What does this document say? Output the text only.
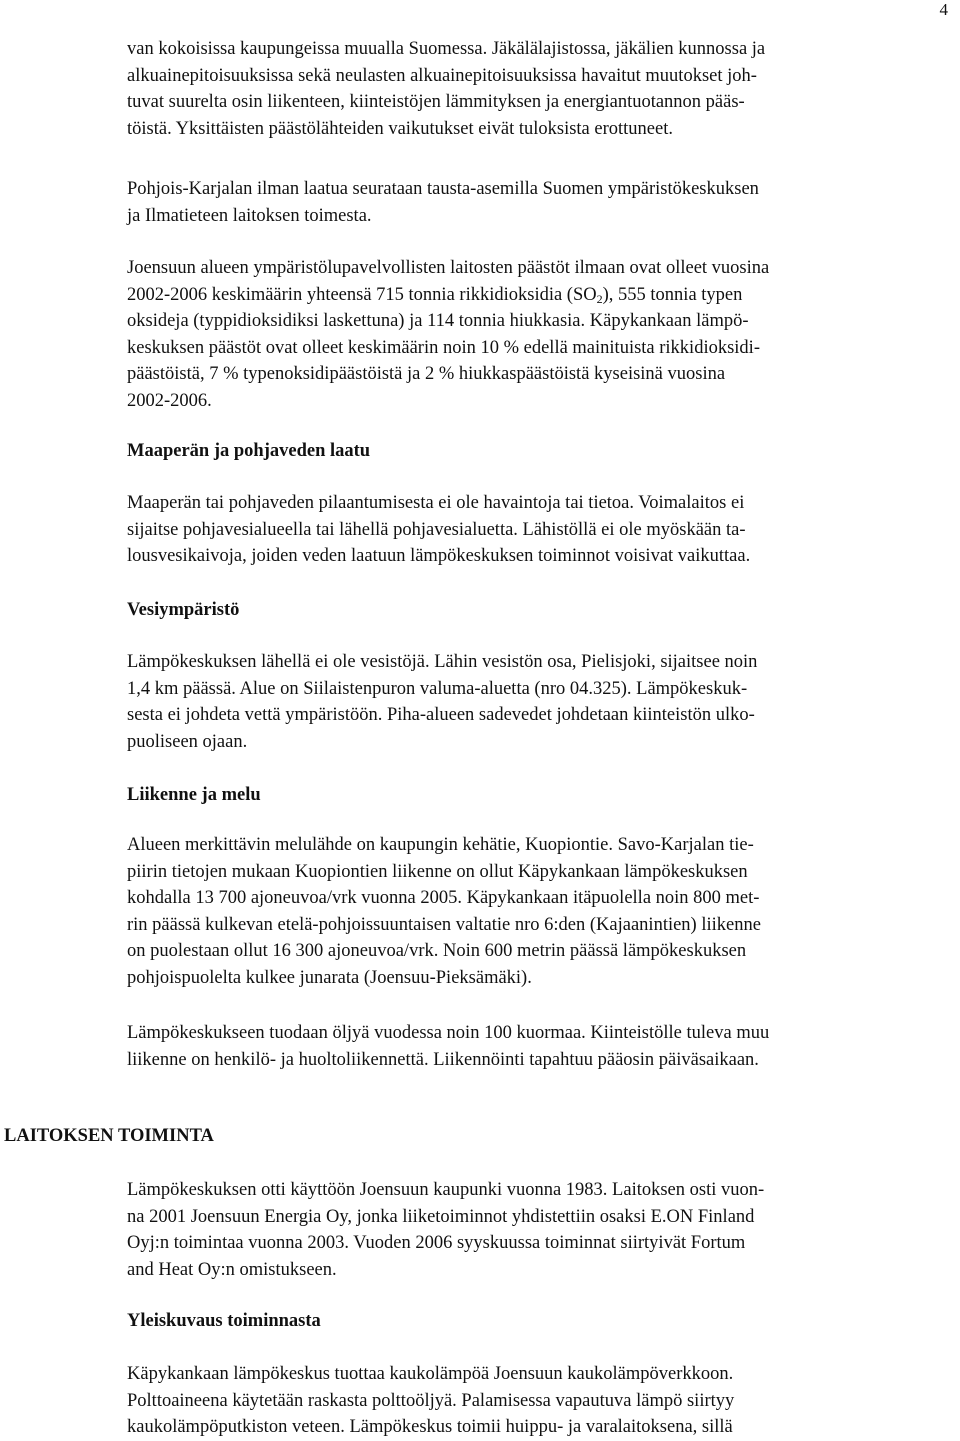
4

van kokoisissa kaupungeissa muualla Suomessa. Jäkälälajistossa, jäkälien kunnossa ja
alkuainepitoisuuksissa sekä neulasten alkuainepitoisuuksissa havaitut muutokset joh-
tuvat suurelta osin liikenteen, kiinteistöjen lämmityksen ja energiantuotannon pääs-
töistä. Yksittäisten päästölähteiden vaikutukset eivät tuloksista erottuneet.

Pohjois-Karjalan ilman laatua seurataan tausta-asemilla Suomen ympäristökeskuksen
ja Ilmatieteen laitoksen toimesta.

Joensuun alueen ympäristölupavelvollisten laitosten päästöt ilmaan ovat olleet vuosina
2002-2006 keskimäärin yhteensä 715 tonnia rikkidioksidia $(SO_2)$, 555 tonnia typen
oksideja (typpidioksidiksi laskettuna) ja 114 tonnia hiukkasia. Käpykankaan lämpö-
keskuksen päästöt ovat olleet keskimäärin noin 10 % edellä mainituista rikkidioksidi-
päästöistä, 7 % typenoksidipäästöistä ja 2 % hiukkaspäästöistä kyseisinä vuosina
2002-2006.

Maaperän ja pohjaveden laatu

Maaperän tai pohjaveden pilaantumisesta ei ole havaintoja tai tietoa. Voimalaitos ei
sijaitse pohjavesialueella tai lähellä pohjavesialuetta. Lähistöllä ei ole myöskään ta-
lousvesikaivoja, joiden veden laatuun lämpökeskuksen toiminnot voisivat vaikuttaa.

Vesiympäristö

Lämpökeskuksen lähellä ei ole vesistöjä. Lähin vesistön osa, Pielisjoki, sijaitsee noin
1,4 km päässä. Alue on Siilaistenpuron valuma-aluetta (nro 04.325). Lämpökeskuk-
sesta ei johdeta vettä ympäristöön. Piha-alueen sadevedet johdetaan kiinteistön ulko-
puoliseen ojaan.

Liikenne ja melu

Alueen merkittävin melulähde on kaupungin kehätie, Kuopiontie. Savo-Karjalan tie-
piirin tietojen mukaan Kuopiontien liikenne on ollut Käpykankaan lämpökeskuksen
kohdalla 13 700 ajoneuvoa/vrk vuonna 2005. Käpykankaan itäpuolella noin 800 met-
rin päässä kulkevan etelä-pohjoissuuntaisen valtatie nro 6:den (Kajaanintien) liikenne
on puolestaan ollut 16 300 ajoneuvoa/vrk. Noin 600 metrin päässä lämpökeskuksen
pohjoispuolelta kulkee junarata (Joensuu-Pieksämäki).

Lämpökeskukseen tuodaan öljyä vuodessa noin 100 kuormaa. Kiinteistölle tuleva muu
liikenne on henkilö- ja huoltoliikennettä. Liikennöinti tapahtuu pääosin päiväsaikaan.

LAITOKSEN TOIMINTA

Lämpökeskuksen otti käyttöön Joensuun kaupunki vuonna 1983. Laitoksen osti vuon-
na 2001 Joensuun Energia Oy, jonka liiketoiminnot yhdistettiin osaksi E.ON Finland
Oyj:n toimintaa vuonna 2003. Vuoden 2006 syyskuussa toiminnat siirtyivät Fortum
and Heat Oy:n omistukseen.

Yleiskuvaus toiminnasta

Käpykankaan lämpökeskus tuottaa kaukolämpöä Joensuun kaukolämpöverkkoon.
Polttoaineena käytetään raskasta polttoöljyä. Palamisessa vapautuva lämpö siirtyy
kaukolämpöputkiston veteen. Lämpökeskus toimii huippu- ja varalaitoksena, sillä
